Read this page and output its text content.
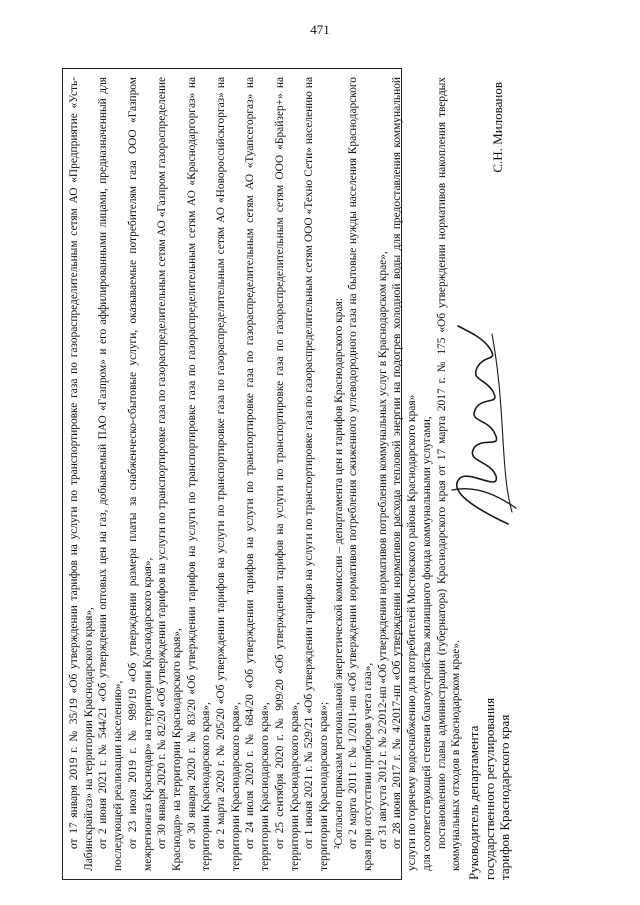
471

от 17 января 2019 г. № 35/19 «Об утверждении тарифов на услуги по транспортировке газа по газораспределительным сетям АО «Предприятие «Усть-Лабинскрайгаз» на территории Краснодарского края», от 2 июня 2021 г. № 544/21 «Об утверждении оптовых цен на газ, добываемый ПАО «Газпром» и его аффилированными лицами, предназначенный для последующей реализации населению», от 23 июля 2019 г. № 989/19 «Об утверждении размера платы за снабженческо-сбытовые услуги, оказываемые потребителям газа ООО «Газпром межрегионгаз Краснодар» на территории Краснодарского края», от 30 января 2020 г. № 82/20 «Об утверждении тарифов на услуги по транспортировке газа по газораспределительным сетям АО «Газпром газораспределение Краснодар» на территории Краснодарского края», от 30 января 2020 г. № 83/20 «Об утверждении тарифов на услуги по транспортировке газа по газораспределительным сетям АО «Краснодаргоргаз» на территории Краснодарского края», от 2 марта 2020 г. № 205/20 «Об утверждении тарифов на услуги по транспортировке газа по газораспределительным сетям АО «Новороссийскгоргаз» на территории Краснодарского края», от 24 июля 2020 г. № 684/20 «Об утверждении тарифов на услуги по транспортировке газа по газораспределительным сетям АО «Туапсегоргаз» на территории Краснодарского края», от 25 сентября 2020 г. № 909/20 «Об утверждении тарифов на услуги по транспортировке газа по газораспределительным сетям ООО «Брайзер+» на территории Краснодарского края», от 1 июня 2021 г. № 529/21 «Об утверждении тарифов на услуги по транспортировке газа по газораспределительным сетям ООО «Техно Сети» населению на территории Краснодарского края»; ²Согласно приказам региональной энергетической комиссии – департамента цен и тарифов Краснодарского края: от 2 марта 2011 г. № 1/2011-нп «Об утверждении нормативов потребления сжиженного углеводородного газа на бытовые нужды населения Краснодарского края при отсутствии приборов учета газа», от 31 августа 2012 г. № 2/2012-нп «Об утверждении нормативов потребления коммунальных услуг в Краснодарском крае», от 28 июня 2017 г. № 4/2017-нп «Об утверждении нормативов расхода тепловой энергии на подогрев холодной воды для предоставления коммунальной услуги по горячему водоснабжению для потребителей Мостовского района Краснодарского края» для соответствующей степени благоустройства жилищного фонда коммунальными услугами, постановлению главы администрации (губернатора) Краснодарского края от 17 марта 2017 г. № 175 «Об утверждении нормативов накопления твердых коммунальных отходов в Краснодарском крае». Руководитель департамента государственного регулирования тарифов Краснодарского края
С.Н. Милованов
